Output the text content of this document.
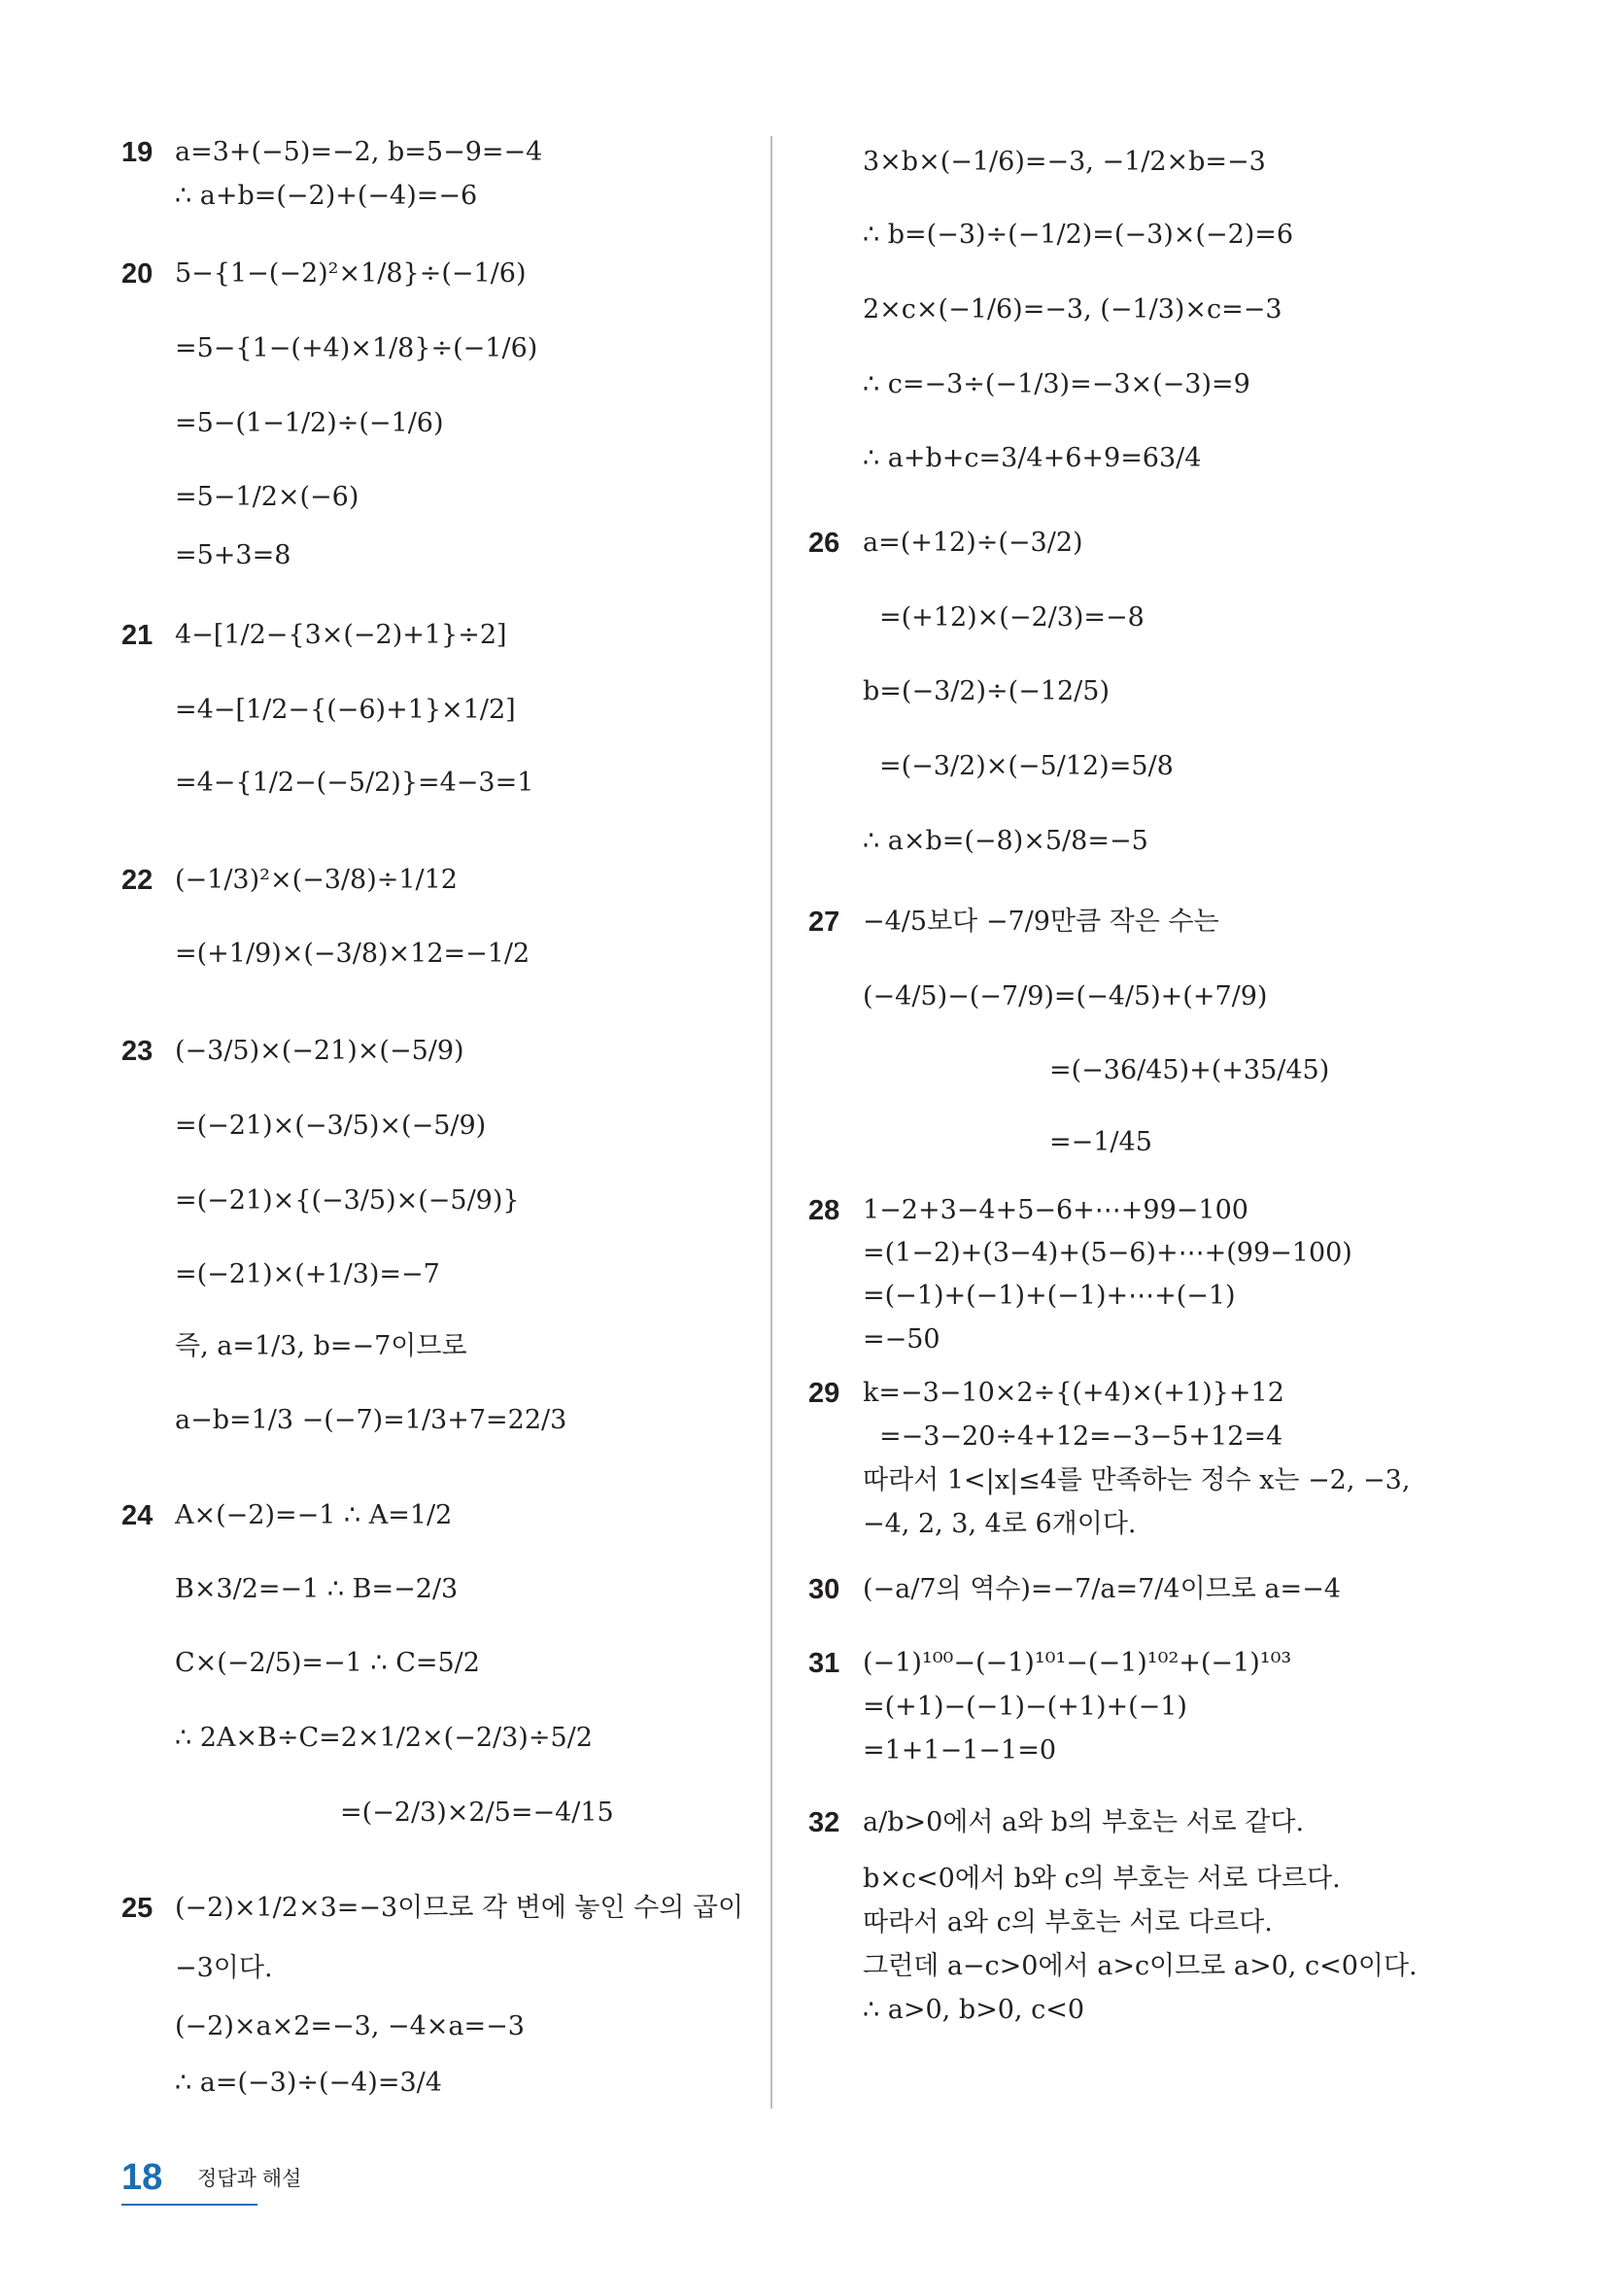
19 a=3+(−5)=−2, b=5−9=−4
∴ a+b=(−2)+(−4)=−6
20 5−{1−(−2)²×1/8}÷(−1/6)
=5−{1−(+4)×1/8}÷(−1/6)
=5−(1−1/2)÷(−1/6)
=5−1/2×(−6)
=5+3=8
21 4−[1/2−{3×(−2)+1}÷2]
=4−[1/2−{(−6)+1}×1/2]
=4−{1/2−(−5/2)}=4−3=1
22 (−1/3)²×(−3/8)÷1/12
=(+1/9)×(−3/8)×12=−1/2
23 (−3/5)×(−21)×(−5/9)
=(−21)×(−3/5)×(−5/9)
=(−21)×{(−3/5)×(−5/9)}
=(−21)×(+1/3)=−7
즉, a=1/3, b=−7이므로
a−b=1/3 −(−7)=1/3+7=22/3
24 A×(−2)=−1 ∴ A=1/2
B×3/2=−1 ∴ B=−2/3
C×(−2/5)=−1 ∴ C=5/2
∴ 2A×B÷C=2×1/2×(−2/3)÷5/2
=(−2/3)×2/5=−4/15
25 (−2)×1/2×3=−3이므로 각 변에 놓인 수의 곱이
−3이다.
(−2)×a×2=−3, −4×a=−3
∴ a=(−3)÷(−4)=3/4
3×b×(−1/6)=−3, −1/2×b=−3
∴ b=(−3)÷(−1/2)=(−3)×(−2)=6
2×c×(−1/6)=−3, (−1/3)×c=−3
∴ c=−3÷(−1/3)=−3×(−3)=9
∴ a+b+c=3/4+6+9=63/4
26 a=(+12)÷(−3/2)
=(+12)×(−2/3)=−8
b=(−3/2)÷(−12/5)
=(−3/2)×(−5/12)=5/8
∴ a×b=(−8)×5/8=−5
27 −4/5보다 −7/9만큼 작은 수는
(−4/5)−(−7/9)=(−4/5)+(+7/9)
=(−36/45)+(+35/45)
=−1/45
28 1−2+3−4+5−6+⋯+99−100
=(1−2)+(3−4)+(5−6)+⋯+(99−100)
=(−1)+(−1)+(−1)+⋯+(−1)
=−50
29 k=−3−10×2÷{(+4)×(+1)}+12
=−3−20÷4+12=−3−5+12=4
따라서 1<|x|≤4를 만족하는 정수 x는 −2, −3,
−4, 2, 3, 4로 6개이다.
30 (−a/7의 역수)=−7/a=7/4이므로 a=−4
31 (−1)¹⁰⁰−(−1)¹⁰¹−(−1)¹⁰²+(−1)¹⁰³
=(+1)−(−1)−(+1)+(−1)
=1+1−1−1=0
32 a/b>0에서 a와 b의 부호는 서로 같다.
b×c<0에서 b와 c의 부호는 서로 다르다.
따라서 a와 c의 부호는 서로 다르다.
그런데 a−c>0에서 a>c이므로 a>0, c<0이다.
∴ a>0, b>0, c<0
18 정답과 해설
